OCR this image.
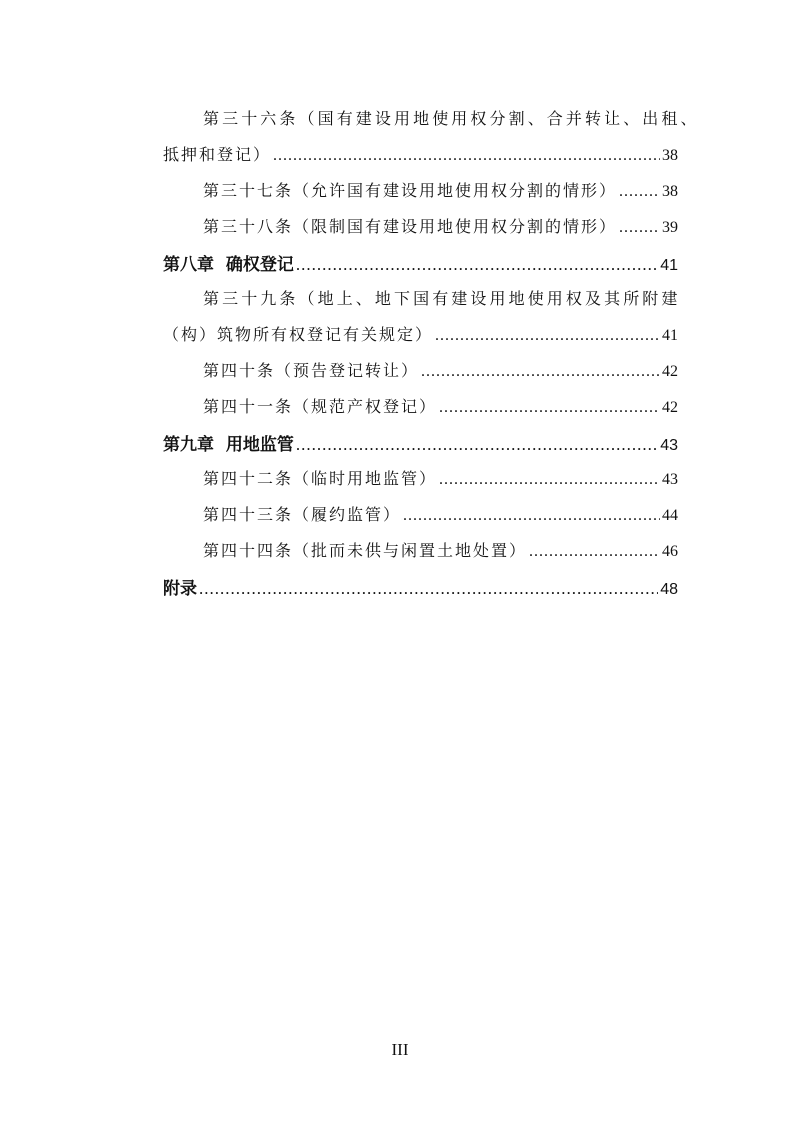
第三十六条（国有建设用地使用权分割、合并转让、出租、
抵押和登记） .....	38
第三十七条（允许国有建设用地使用权分割的情形） .....	38
第三十八条（限制国有建设用地使用权分割的情形） .....	39
第八章  确权登记 .....	41
第三十九条（地上、地下国有建设用地使用权及其所附建
（构）筑物所有权登记有关规定） .....	41
第四十条（预告登记转让） .....	42
第四十一条（规范产权登记） .....	42
第九章  用地监管 .....	43
第四十二条（临时用地监管） .....	43
第四十三条（履约监管） .....	44
第四十四条（批而未供与闲置土地处置） .....	46
附录 .....	48
III
